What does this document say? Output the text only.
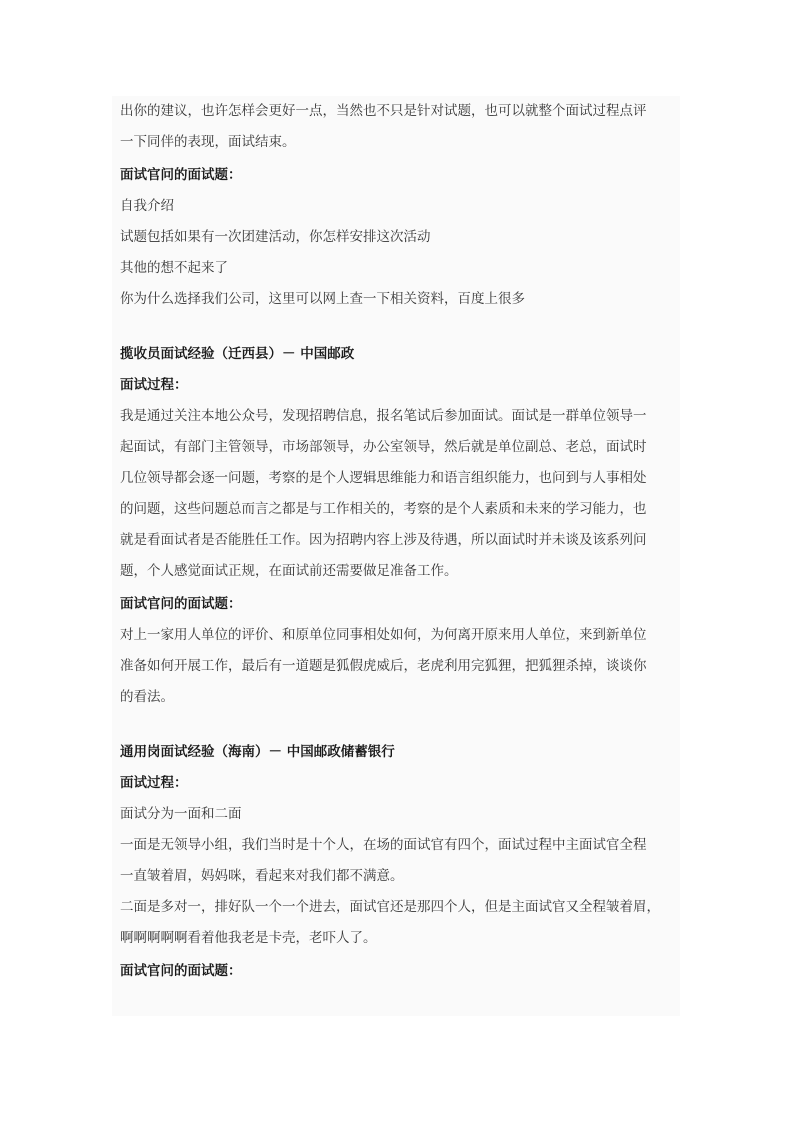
出你的建议，也许怎样会更好一点，当然也不只是针对试题，也可以就整个面试过程点评

一下同伴的表现，面试结束。

面试官问的面试题：

自我介绍

试题包括如果有一次团建活动，你怎样安排这次活动

其他的想不起来了

你为什么选择我们公司，这里可以网上查一下相关资料，百度上很多

揽收员面试经验（迁西县）－ 中国邮政

面试过程：

我是通过关注本地公众号，发现招聘信息，报名笔试后参加面试。面试是一群单位领导一

起面试，有部门主管领导，市场部领导，办公室领导，然后就是单位副总、老总，面试时

几位领导都会逐一问题，考察的是个人逻辑思维能力和语言组织能力，也问到与人事相处

的问题，这些问题总而言之都是与工作相关的，考察的是个人素质和未来的学习能力，也

就是看面试者是否能胜任工作。因为招聘内容上涉及待遇，所以面试时并未谈及该系列问

题，个人感觉面试正规，在面试前还需要做足准备工作。

面试官问的面试题：

对上一家用人单位的评价、和原单位同事相处如何，为何离开原来用人单位，来到新单位

准备如何开展工作，最后有一道题是狐假虎威后，老虎利用完狐狸，把狐狸杀掉，谈谈你

的看法。

通用岗面试经验（海南）－ 中国邮政储蓄银行

面试过程：

面试分为一面和二面

一面是无领导小组，我们当时是十个人，在场的面试官有四个，面试过程中主面试官全程

一直皱着眉，妈妈咪，看起来对我们都不满意。

二面是多对一，排好队一个一个进去，面试官还是那四个人，但是主面试官又全程皱着眉，

啊啊啊啊啊看着他我老是卡壳，老吓人了。

面试官问的面试题：
